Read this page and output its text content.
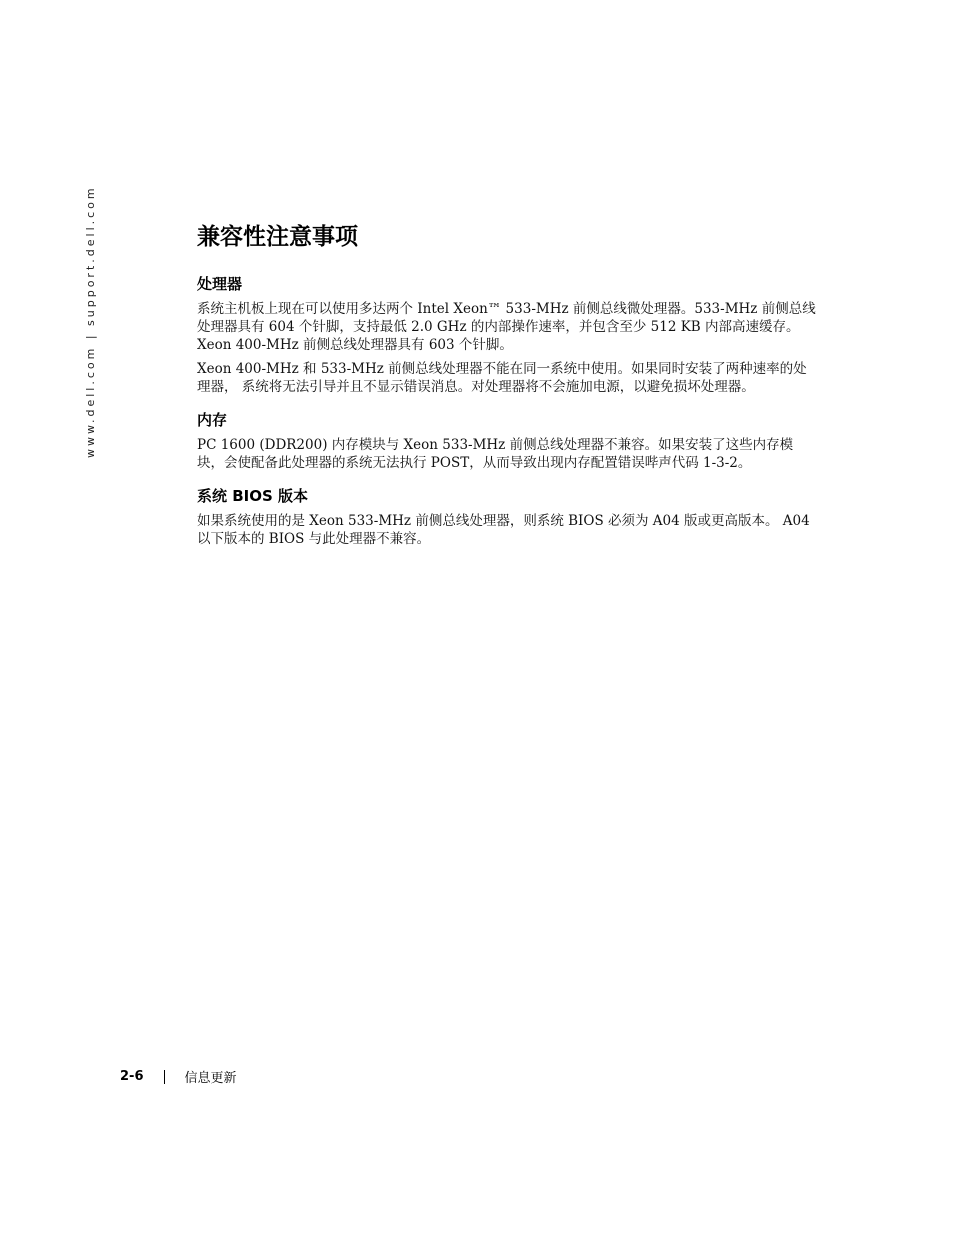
www.dell.com | support.dell.com	兼容性注意事项
处理器

系统主机板上现在可以使用多达两个 Intel Xeon™ 533-MHz 前侧总线微处理器。533-MHz 前侧总线处理器具有 604 个针脚，支持最低 2.0 GHz 的内部操作速率，并包含至少 512 KB 内部高速缓存。 Xeon 400-MHz 前侧总线处理器具有 603 个针脚。

Xeon 400-MHz 和 533-MHz 前侧总线处理器不能在同一系统中使用。如果同时安装了两种速率的处理器， 系统将无法引导并且不显示错误消息。对处理器将不会施加电源，以避免损坏处理器。

内存

PC 1600 (DDR200) 内存模块与 Xeon 533-MHz 前侧总线处理器不兼容。如果安装了这些内存模块，会使配备此处理器的系统无法执行 POST，从而导致出现内存配置错误哔声代码 1-3-2。

系统 BIOS 版本

如果系统使用的是 Xeon 533-MHz 前侧总线处理器，则系统 BIOS 必须为 A04 版或更高版本。 A04 以下版本的 BIOS 与此处理器不兼容。

2-6	信息更新
